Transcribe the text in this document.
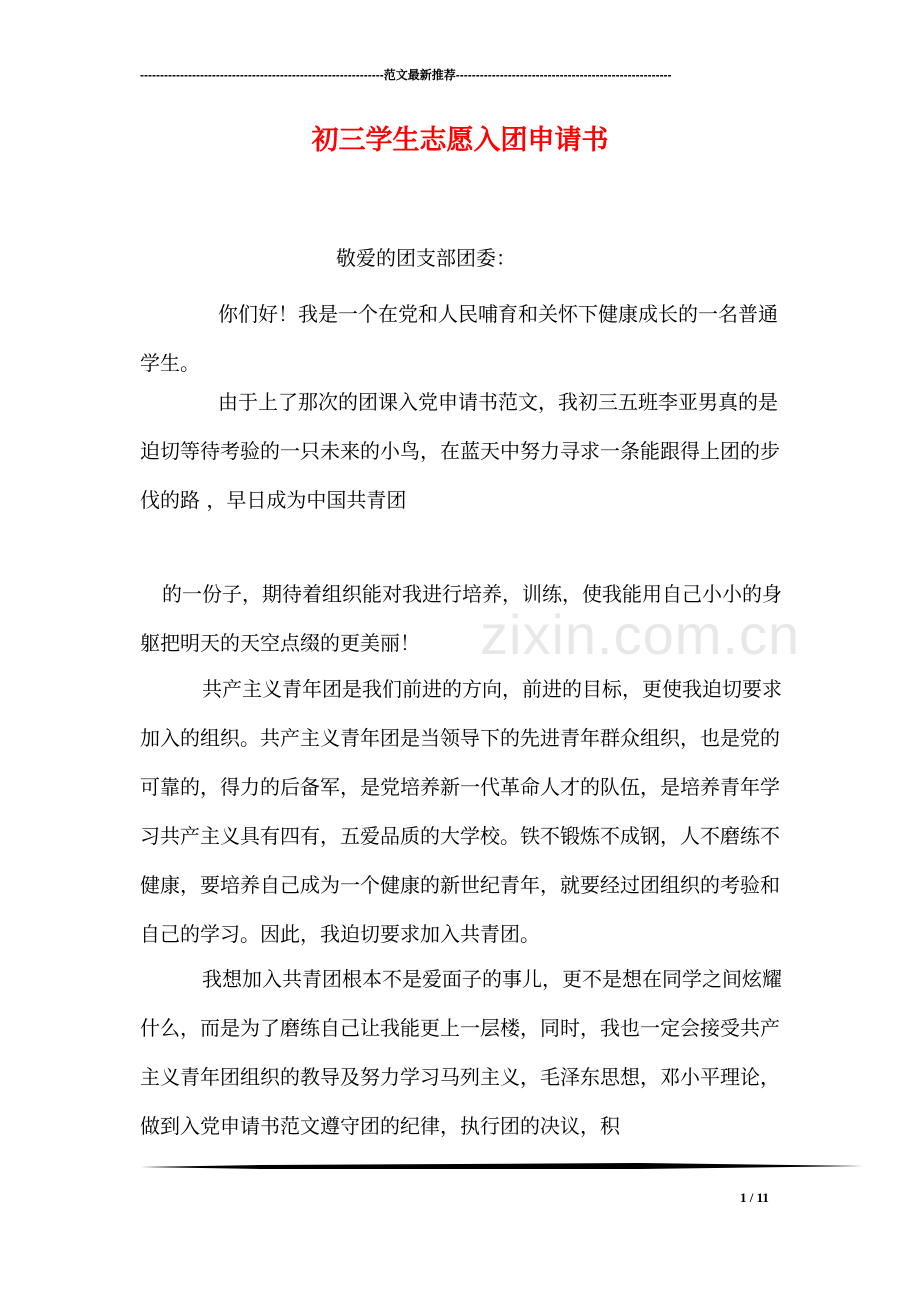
-------------------------------------------------------------范文最新推荐------------------------------------------------------
初三学生志愿入团申请书
敬爱的团支部团委：

你们好！我是一个在党和人民哺育和关怀下健康成长的一名普通学生。

由于上了那次的团课入党申请书范文，我初三五班李亚男真的是迫切等待考验的一只未来的小鸟，在蓝天中努力寻求一条能跟得上团的步伐的路 ，早日成为中国共青团

的一份子，期待着组织能对我进行培养，训练，使我能用自己小小的身躯把明天的天空点缀的更美丽！

共产主义青年团是我们前进的方向，前进的目标，更使我迫切要求加入的组织。共产主义青年团是当领导下的先进青年群众组织，也是党的可靠的，得力的后备军，是党培养新一代革命人才的队伍，是培养青年学习共产主义具有四有，五爱品质的大学校。铁不锻炼不成钢，人不磨练不健康，要培养自己成为一个健康的新世纪青年，就要经过团组织的考验和自己的学习。因此，我迫切要求加入共青团。

我想加入共青团根本不是爱面子的事儿，更不是想在同学之间炫耀什么，而是为了磨练自己让我能更上一层楼，同时，我也一定会接受共产主义青年团组织的教导及努力学习马列主义，毛泽东思想，邓小平理论，做到入党申请书范文遵守团的纪律，执行团的决议，积

zixin.com.cn
1 / 11
